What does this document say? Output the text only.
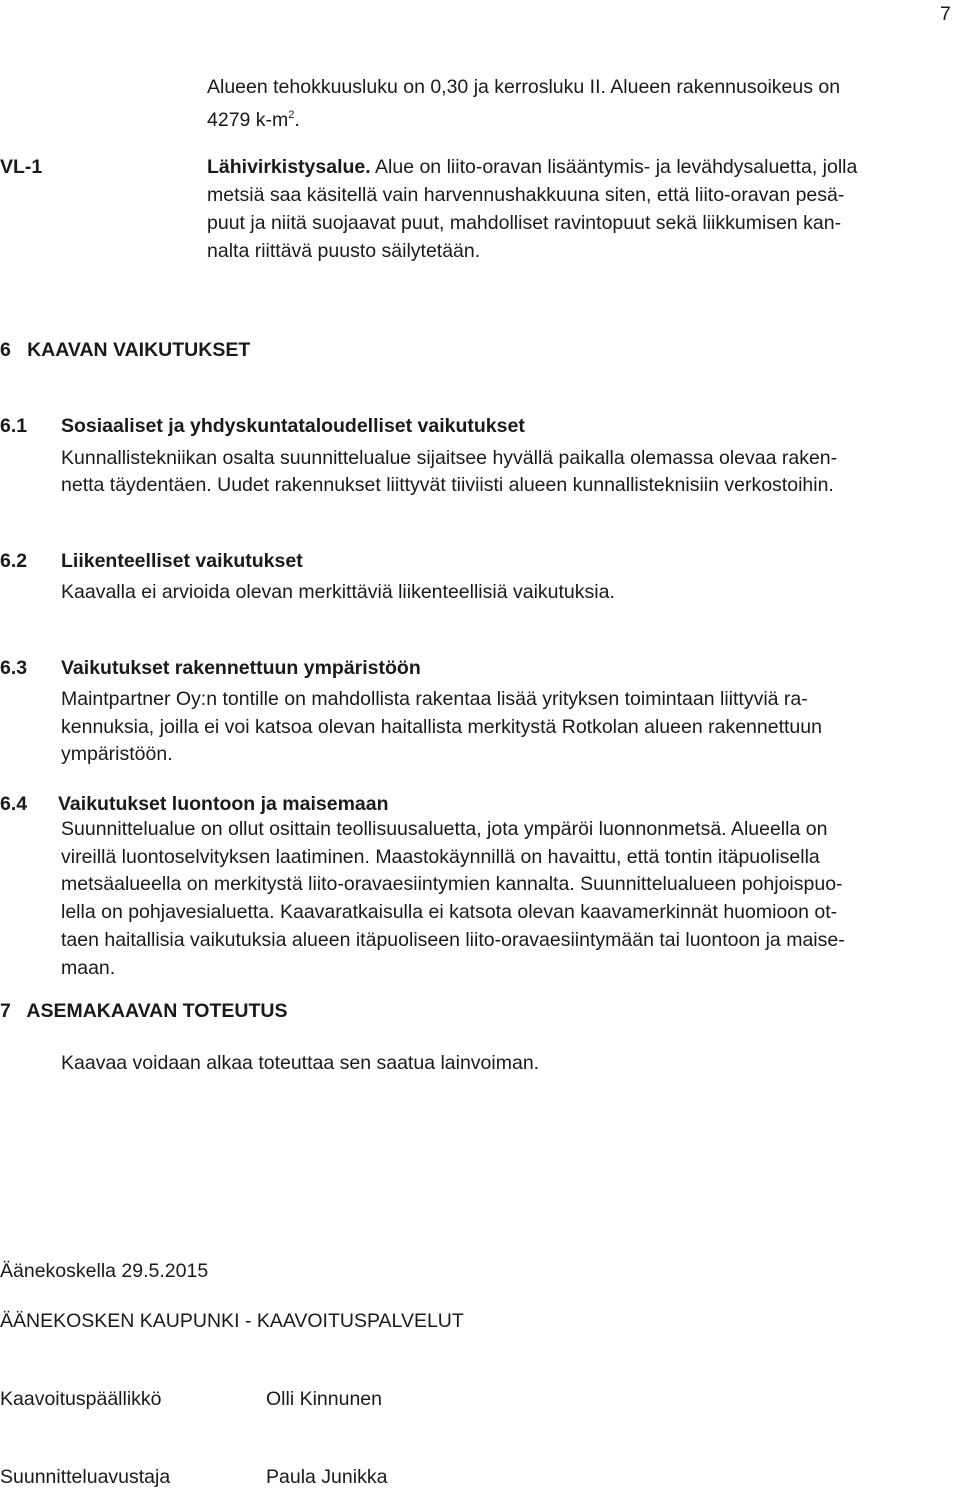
7
Alueen tehokkuusluku on 0,30 ja kerrosluku II. Alueen rakennusoikeus on
4279 $k-m^2$.
VL-1	Lähivirkistysalue. Alue on liito-oravan lisääntymis- ja levähdysaluetta, jolla
metsiä saa käsitellä vain harvennushakkuuna siten, että liito-oravan pesä-
puut ja niitä suojaavat puut, mahdolliset ravintopuut sekä liikkumisen kan-
nalta riittävä puusto säilytetään.
6   KAAVAN VAIKUTUKSET
6.1 Sosiaaliset ja yhdyskuntataloudelliset vaikutukset
Kunnallistekniikan osalta suunnittelualue sijaitsee hyvällä paikalla olemassa olevaa raken-
netta täydentäen. Uudet rakennukset liittyvät tiiviisti alueen kunnallisteknisiin verkostoihin.
6.2 Liikenteelliset vaikutukset
Kaavalla ei arvioida olevan merkittäviä liikenteellisiä vaikutuksia.
6.3 Vaikutukset rakennettuun ympäristöön
Maintpartner Oy:n tontille on mahdollista rakentaa lisää yrityksen toimintaan liittyviä ra-
kennuksia, joilla ei voi katsoa olevan haitallista merkitystä Rotkolan alueen rakennettuun
ympäristöön.
6.4 Vaikutukset luontoon ja maisemaan
Suunnittelualue on ollut osittain teollisuusaluetta, jota ympäröi luonnonmetsä. Alueella on
vireillä luontoselvityksen laatiminen. Maastokäynnillä on havaittu, että tontin itäpuolisella
metsäalueella on merkitystä liito-oravaesiintymien kannalta. Suunnittelualueen pohjoispuo-
lella on pohjavesialuetta. Kaavaratkaisulla ei katsota olevan kaavamerkinnät huomioon ot-
taen haitallisia vaikutuksia alueen itäpuoliseen liito-oravaesiintymään tai luontoon ja maise-
maan.
7   ASEMAKAAVAN TOTEUTUS
Kaavaa voidaan alkaa toteuttaa sen saatua lainvoiman.
Äänekoskella 29.5.2015
ÄÄNEKOSKEN KAUPUNKI - KAAVOITUSPALVELUT
Kaavoituspäällikkö	Olli Kinnunen
Suunnitteluavustaja	Paula Junikka
